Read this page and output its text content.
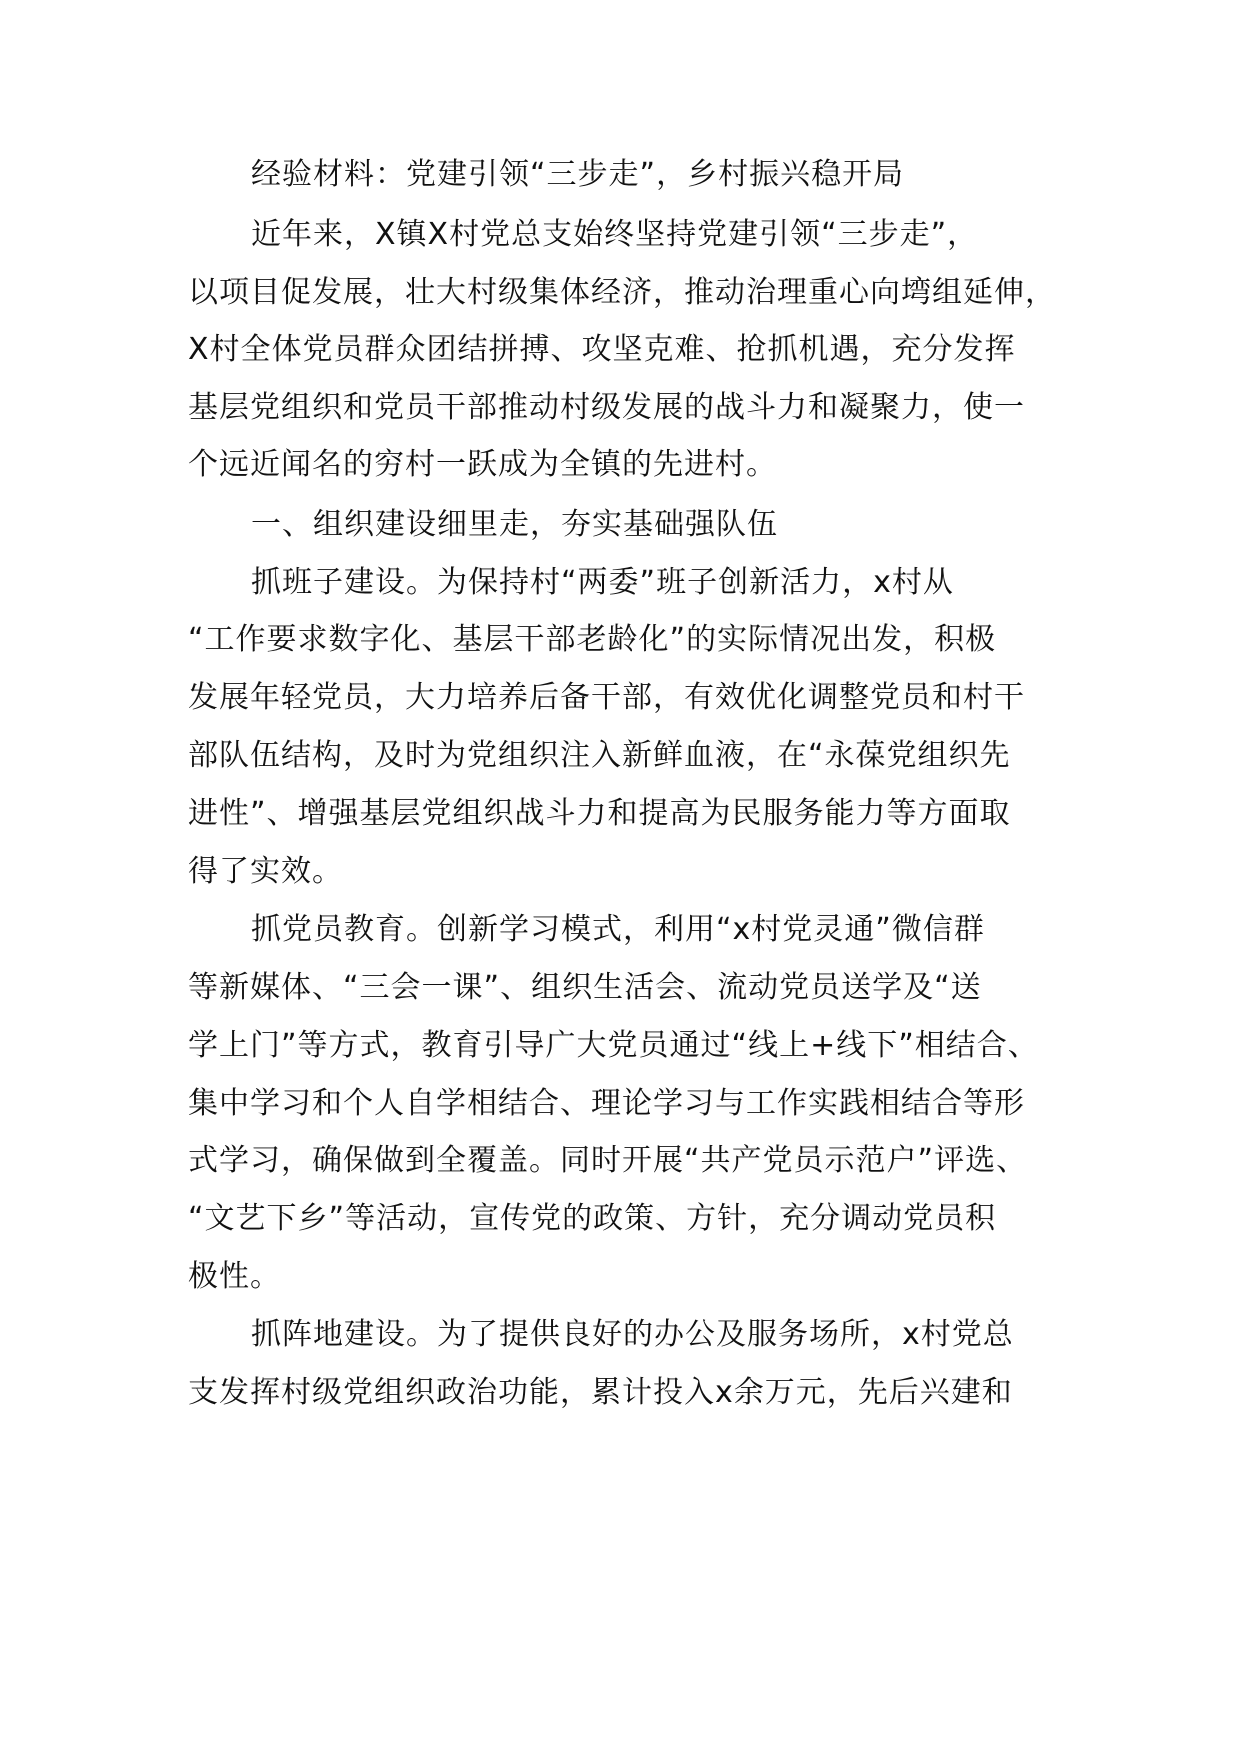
经验材料：党建引领“三步走”，乡村振兴稳开局
近年来，X镇X村党总支始终坚持党建引领“三步走”，
以项目促发展，壮大村级集体经济，推动治理重心向塆组延伸，
X村全体党员群众团结拼搏、攻坚克难、抢抓机遇，充分发挥
基层党组织和党员干部推动村级发展的战斗力和凝聚力，使一
个远近闻名的穷村一跃成为全镇的先进村。
一、组织建设细里走，夯实基础强队伍
抓班子建设。为保持村“两委”班子创新活力，x村从
“工作要求数字化、基层干部老龄化”的实际情况出发，积极
发展年轻党员，大力培养后备干部，有效优化调整党员和村干
部队伍结构，及时为党组织注入新鲜血液，在“永葆党组织先
进性”、增强基层党组织战斗力和提高为民服务能力等方面取
得了实效。
抓党员教育。创新学习模式，利用“x村党灵通”微信群
等新媒体、“三会一课”、组织生活会、流动党员送学及“送
学上门”等方式，教育引导广大党员通过“线上+线下”相结合、
集中学习和个人自学相结合、理论学习与工作实践相结合等形
式学习，确保做到全覆盖。同时开展“共产党员示范户”评选、
“文艺下乡”等活动，宣传党的政策、方针，充分调动党员积
极性。
抓阵地建设。为了提供良好的办公及服务场所，x村党总
支发挥村级党组织政治功能，累计投入x余万元，先后兴建和
